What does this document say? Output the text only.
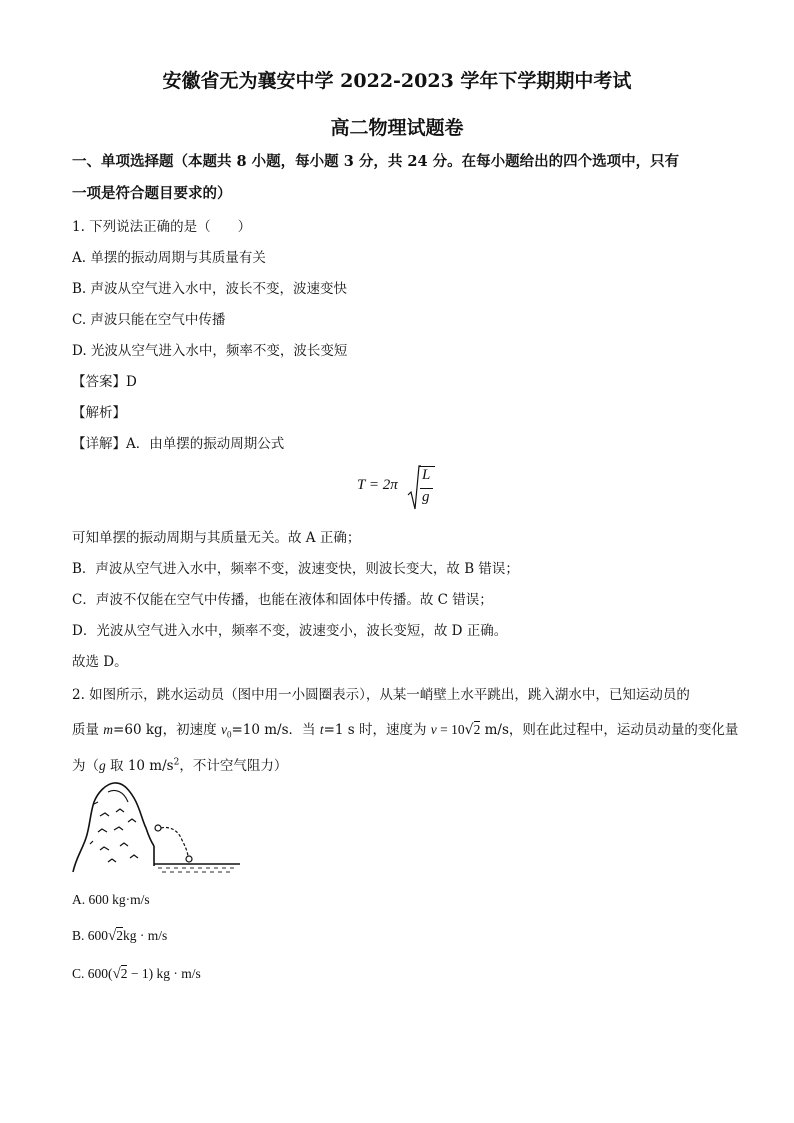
安徽省无为襄安中学 2022-2023 学年下学期期中考试
高二物理试题卷
一、单项选择题（本题共 8 小题，每小题 3 分，共 24 分。在每小题给出的四个选项中，只有
一项是符合题目要求的）
1. 下列说法正确的是（　　）
A. 单摆的振动周期与其质量有关
B. 声波从空气进入水中，波长不变，波速变快
C. 声波只能在空气中传播
D. 光波从空气进入水中，频率不变，波长变短
【答案】D
【解析】
【详解】A．由单摆的振动周期公式
T = 2π
L
g
可知单摆的振动周期与其质量无关。故 A 正确；
B．声波从空气进入水中，频率不变，波速变快，则波长变大，故 B 错误；
C．声波不仅能在空气中传播，也能在液体和固体中传播。故 C 错误；
D．光波从空气进入水中，频率不变，波速变小，波长变短，故 D 正确。
故选 D。
2. 如图所示，跳水运动员（图中用一小圆圈表示），从某一峭壁上水平跳出，跳入湖水中，已知运动员的
质量 m=60 kg，初速度 $v_0=10$ m/s．当 t=1 s 时，速度为 v = 10√2 m/s，则在此过程中，运动员动量的变化量
为（g 取 10 $m/s^2$，不计空气阻力）
A. 600 kg·m/s
B. 600√2kg · m/s
C. 600(√2 − 1) kg · m/s
